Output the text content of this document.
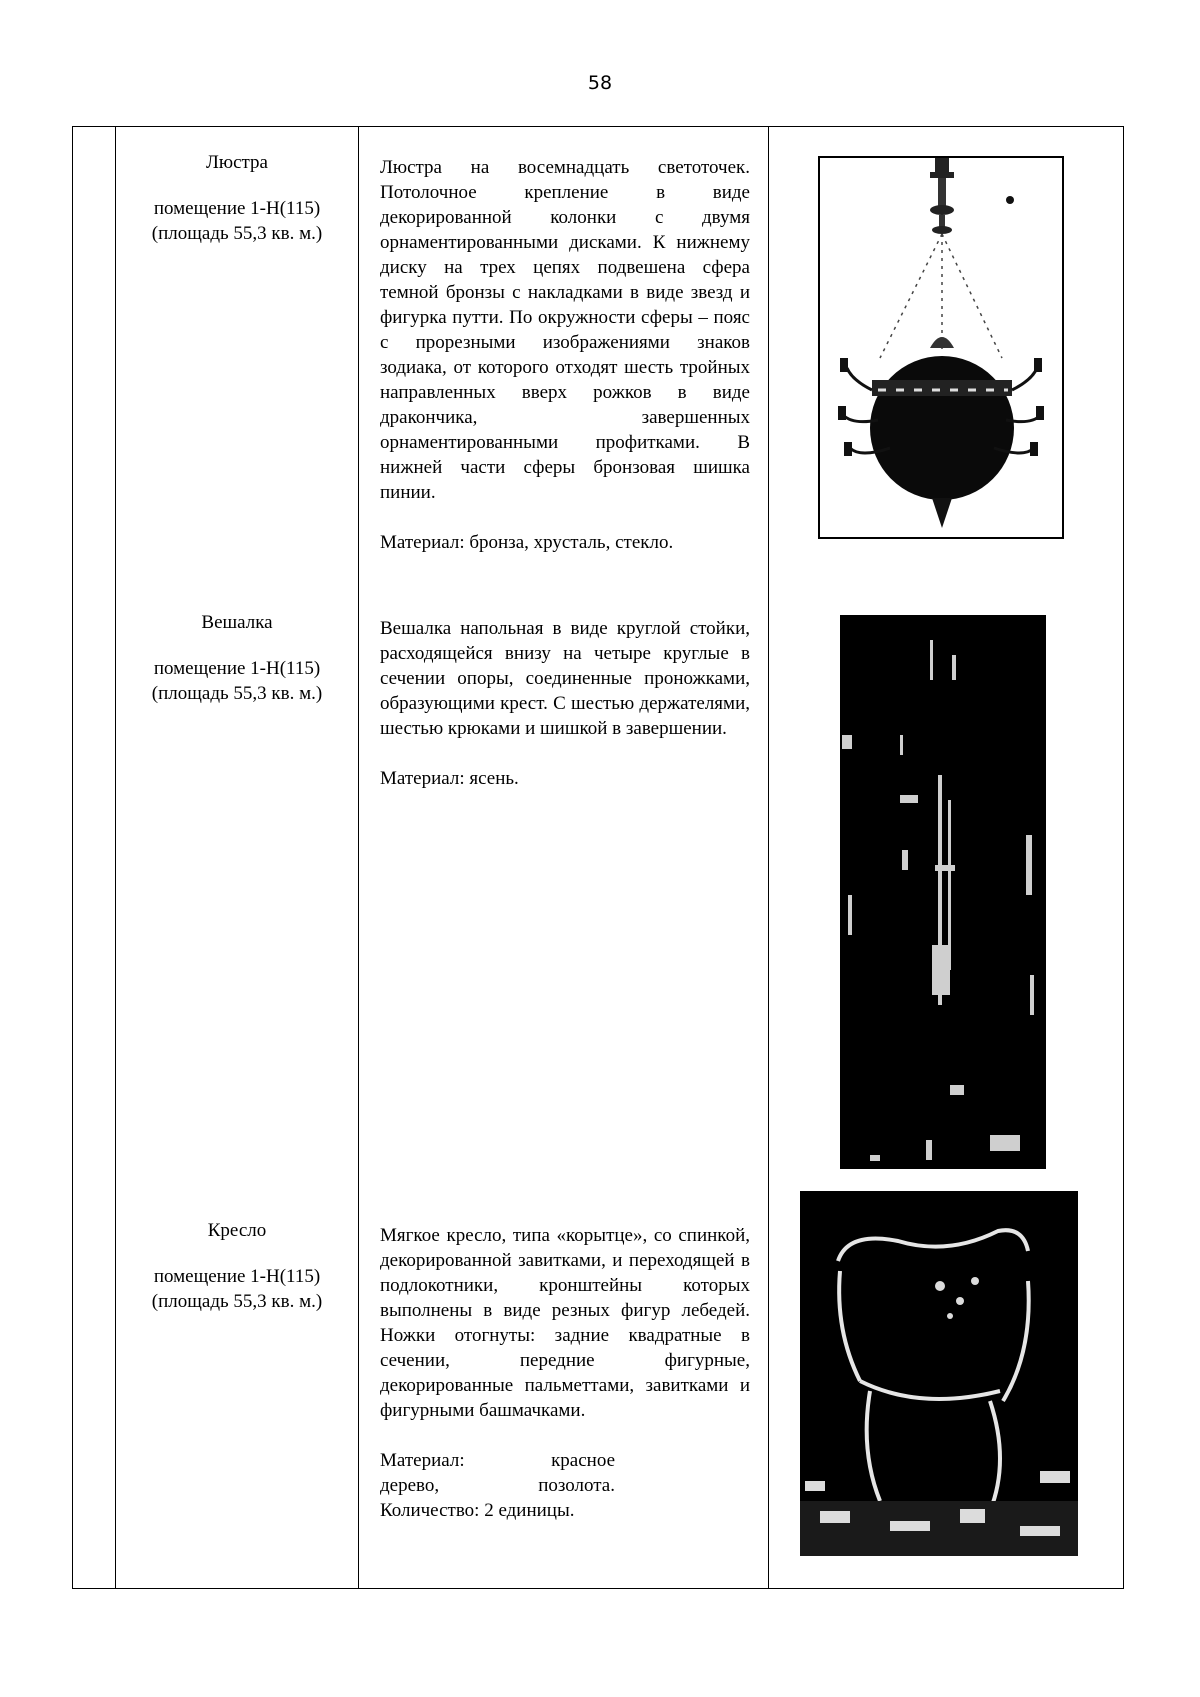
58
Люстра
помещение 1-Н(115)
(площадь 55,3 кв. м.)

Люстра на восемнадцать светоточек. Потолочное крепление в виде декорированной колонки с двумя орнаментированными дисками. К нижнему диску на трех цепях подвешена сфера темной бронзы с накладками в виде звезд и фигурка путти. По окружности сферы – пояс с прорезными изображениями знаков зодиака, от которого отходят шесть тройных направленных вверх рожков в виде дракончика, завершенных орнаментированными профитками. В нижней части сферы бронзовая шишка пинии.

Материал: бронза, хрусталь, стекло.

Вешалка
помещение 1-Н(115)
(площадь 55,3 кв. м.)

Вешалка напольная в виде круглой стойки, расходящейся внизу на четыре круглые в сечении опоры, соединенные проножками, образующими крест. С шестью держателями, шестью крюками и шишкой в завершении.

Материал: ясень.

Кресло
помещение 1-Н(115)
(площадь 55,3 кв. м.)

Мягкое кресло, типа «корытце», со спинкой, декорированной завитками, и переходящей в подлокотники, кронштейны которых выполнены в виде резных фигур лебедей. Ножки отогнуты: задние квадратные в сечении, передние фигурные, декорированные пальметтами, завитками и фигурными башмачками.

Материал: красное
дерево, позолота.

Количество: 2 единицы.
